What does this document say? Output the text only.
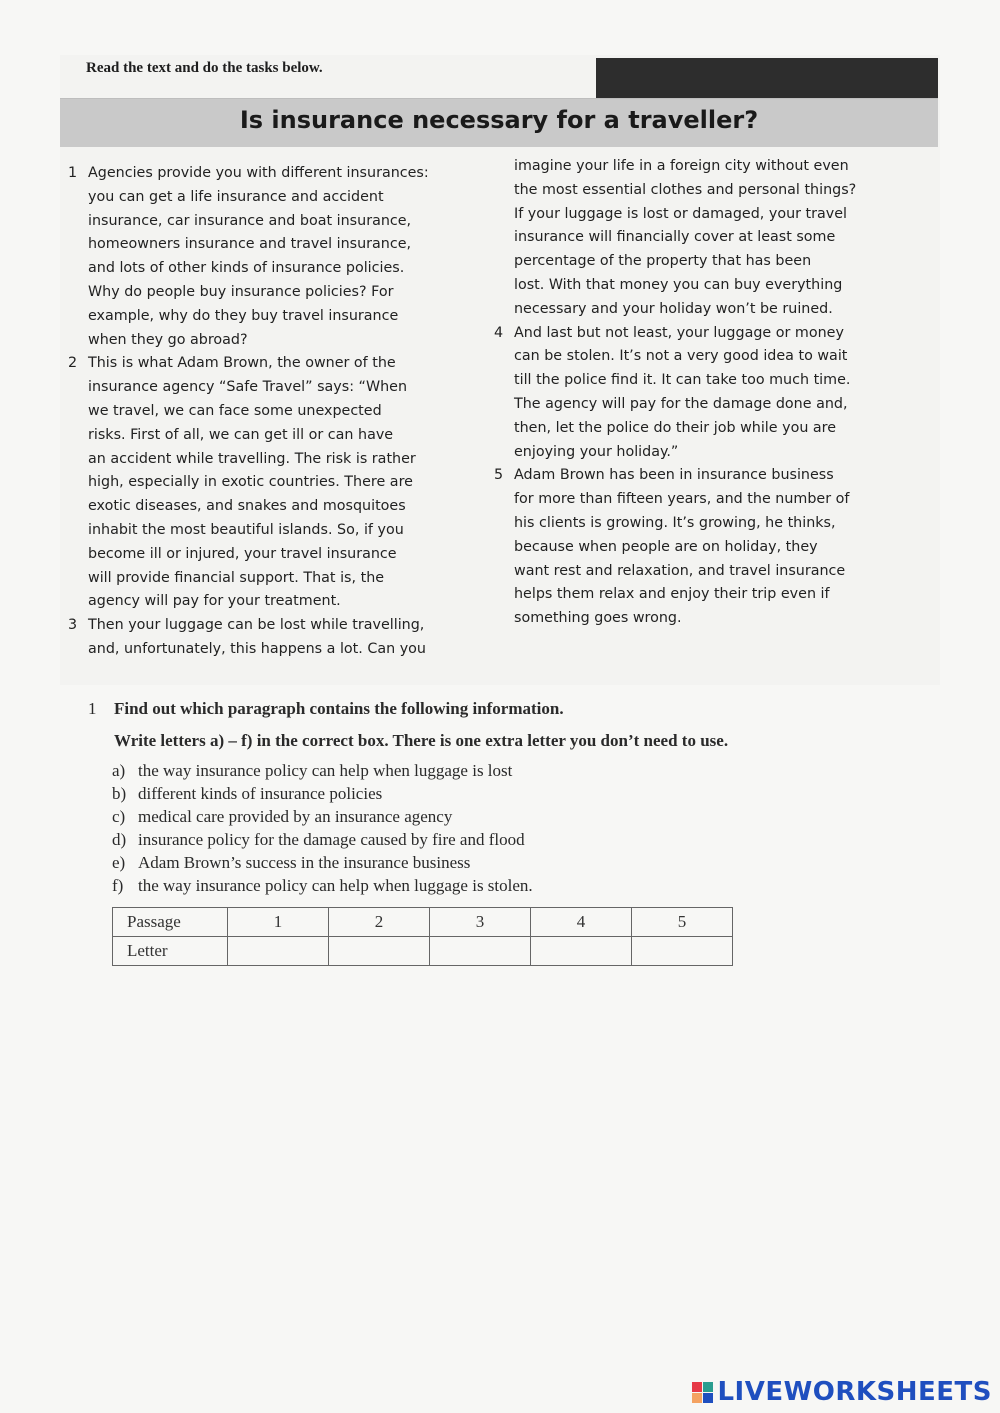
Read the text and do the tasks below.
Is insurance necessary for a traveller?
1 Agencies provide you with different insurances:
you can get a life insurance and accident
insurance, car insurance and boat insurance,
homeowners insurance and travel insurance,
and lots of other kinds of insurance policies.
Why do people buy insurance policies? For
example, why do they buy travel insurance
when they go abroad?
2 This is what Adam Brown, the owner of the
insurance agency “Safe Travel” says: “When
we travel, we can face some unexpected
risks. First of all, we can get ill or can have
an accident while travelling. The risk is rather
high, especially in exotic countries. There are
exotic diseases, and snakes and mosquitoes
inhabit the most beautiful islands. So, if you
become ill or injured, your travel insurance
will provide financial support. That is, the
agency will pay for your treatment.
3 Then your luggage can be lost while travelling,
and, unfortunately, this happens a lot. Can you
imagine your life in a foreign city without even
the most essential clothes and personal things?
If your luggage is lost or damaged, your travel
insurance will financially cover at least some
percentage of the property that has been
lost. With that money you can buy everything
necessary and your holiday won’t be ruined.
4 And last but not least, your luggage or money
can be stolen. It’s not a very good idea to wait
till the police find it. It can take too much time.
The agency will pay for the damage done and,
then, let the police do their job while you are
enjoying your holiday.”
5 Adam Brown has been in insurance business
for more than fifteen years, and the number of
his clients is growing. It’s growing, he thinks,
because when people are on holiday, they
want rest and relaxation, and travel insurance
helps them relax and enjoy their trip even if
something goes wrong.
1 Find out which paragraph contains the following information.
Write letters a) – f) in the correct box. There is one extra letter you don’t need to use.
a) the way insurance policy can help when luggage is lost
b) different kinds of insurance policies
c) medical care provided by an insurance agency
d) insurance policy for the damage caused by fire and flood
e) Adam Brown’s success in the insurance business
f) the way insurance policy can help when luggage is stolen.
Passage	1	2	3	4	5
Letter					
LIVEWORKSHEETS
